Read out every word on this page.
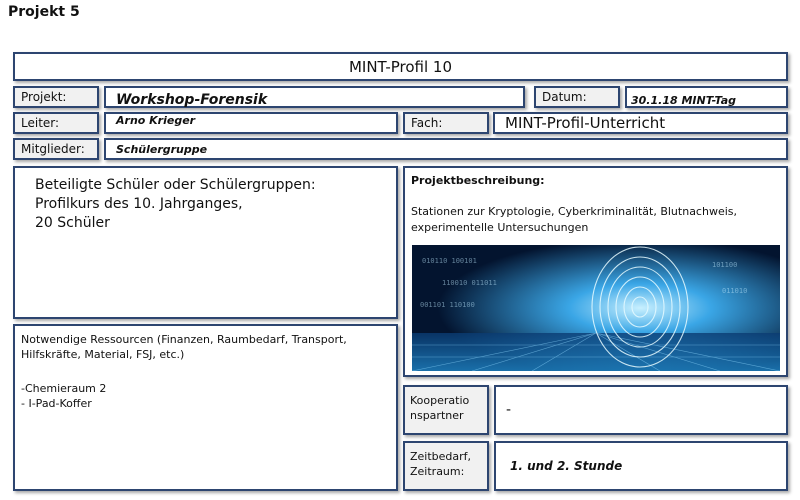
Projekt 5
MINT-Profil 10
Projekt:	Workshop-Forensik	Datum:	30.1.18 MINT-Tag
Leiter:	Arno Krieger	Fach:	MINT-Profil-Unterricht
Mitglieder:	Schülergruppe
Beteiligte Schüler oder Schülergruppen:
Profilkurs des 10. Jahrganges,
20 Schüler
Notwendige Ressourcen (Finanzen, Raumbedarf, Transport, Hilfskräfte, Material, FSJ, etc.)
-Chemieraum 2
- I-Pad-Koffer
Projektbeschreibung:
Stationen zur Kryptologie, Cyberkriminalität, Blutnachweis, experimentelle Untersuchungen
010110 100101
110010 011011
001101 110100
101100
011010
Kooperatio
nspartner	-
Zeitbedarf,
Zeitraum:	1. und 2. Stunde
